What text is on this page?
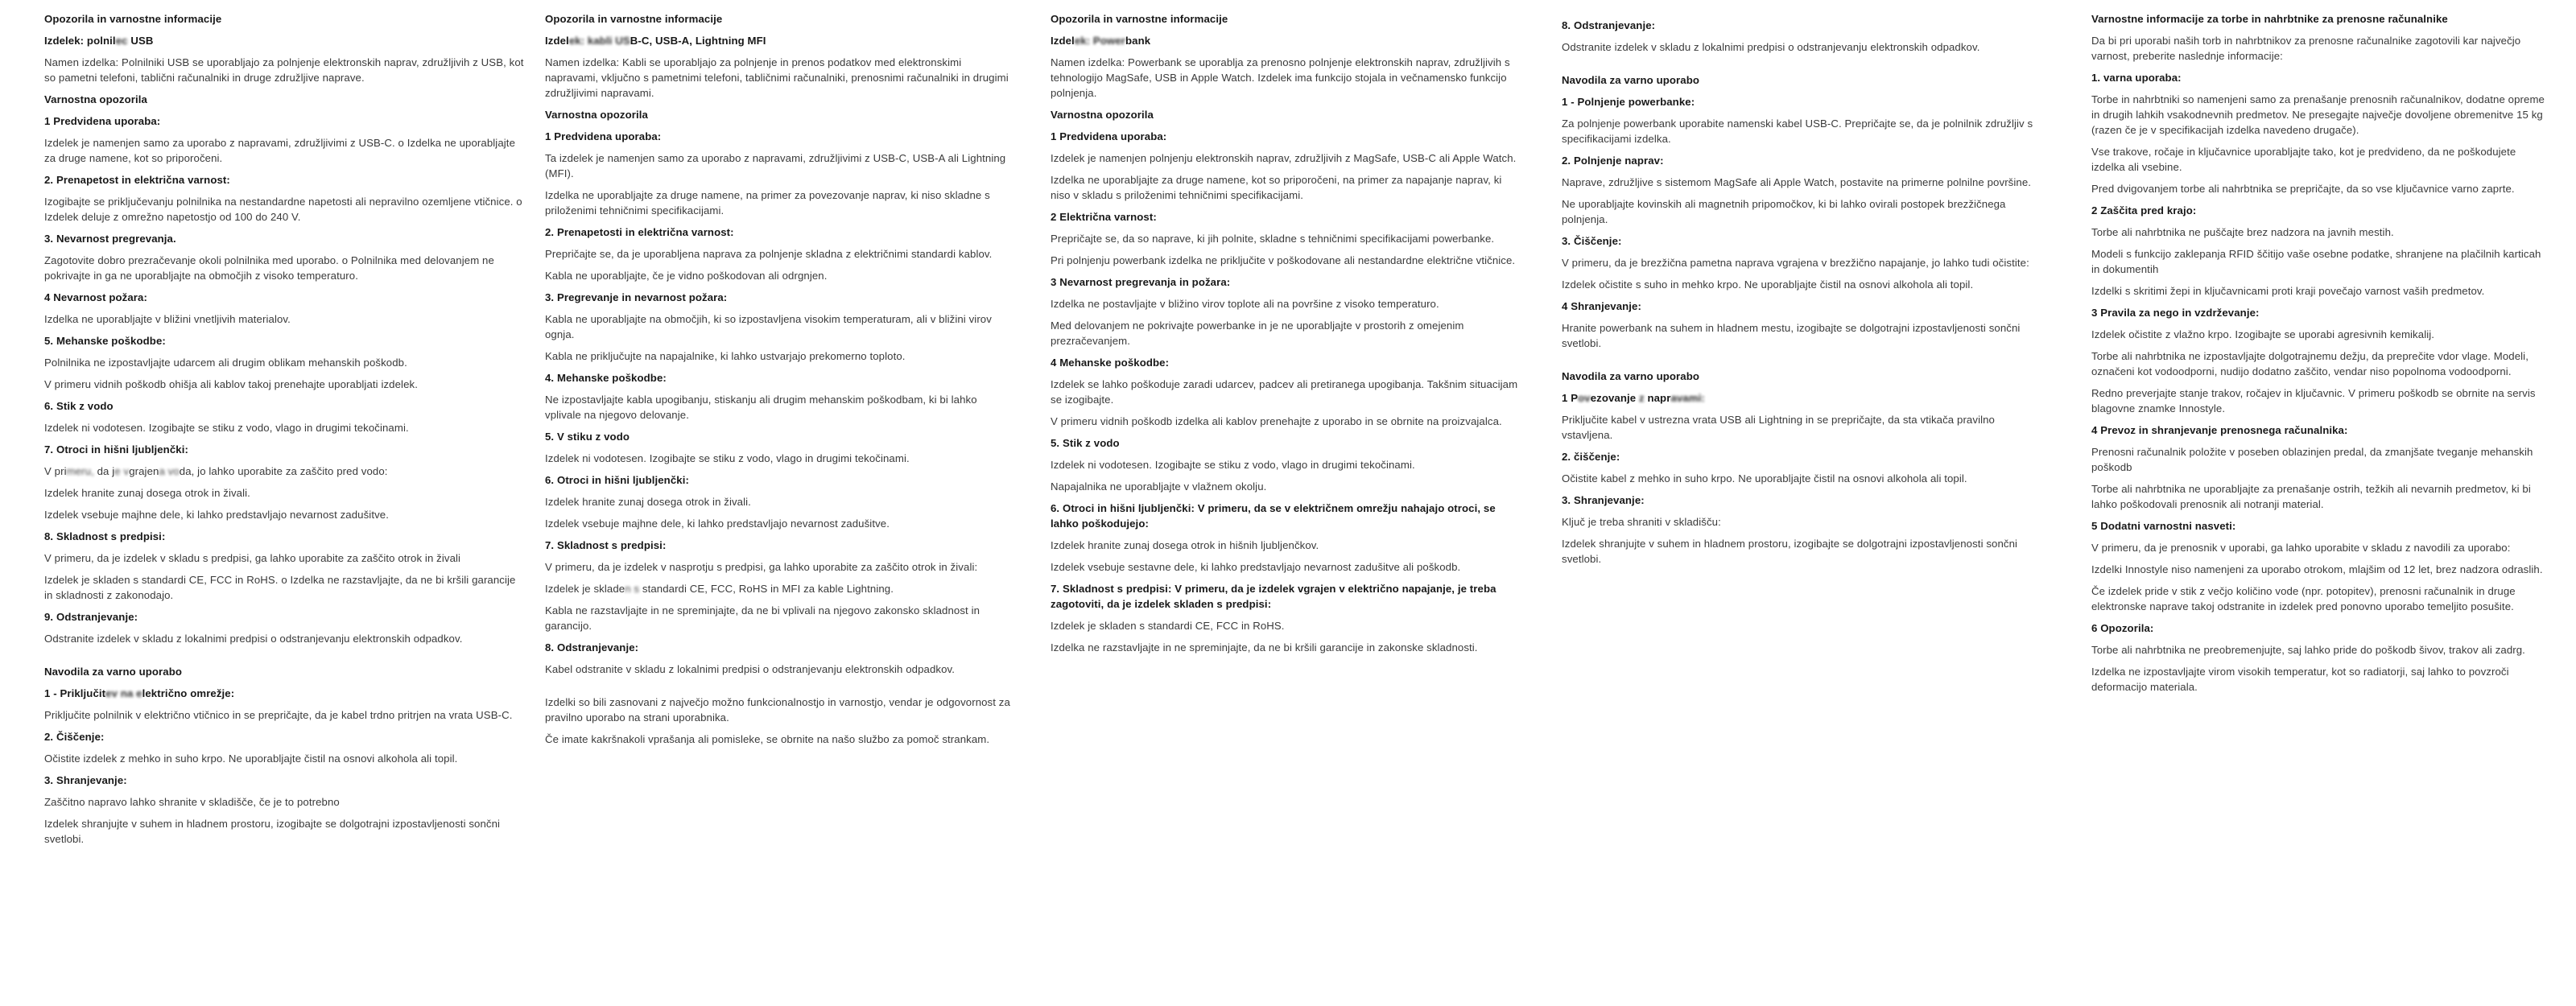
Opozorila in varnostne informacije
Izdelek: polnilec USB
Namen izdelka: Polnilniki USB se uporabljajo za polnjenje elektronskih naprav, združljivih z USB, kot so pametni telefoni, tablični računalniki in druge združljive naprave.
Varnostna opozorila
1 Predvidena uporaba:
Izdelek je namenjen samo za uporabo z napravami, združljivimi z USB-C. o Izdelka ne uporabljajte za druge namene, kot so priporočeni.
2. Prenapetost in električna varnost:
Izogibajte se priključevanju polnilnika na nestandardne napetosti ali nepravilno ozemljene vtičnice. o Izdelek deluje z omrežno napetostjo od 100 do 240 V.
3. Nevarnost pregrevanja.
Zagotovite dobro prezračevanje okoli polnilnika med uporabo. o Polnilnika med delovanjem ne pokrivajte in ga ne uporabljajte na območjih z visoko temperaturo.
4 Nevarnost požara:
Izdelka ne uporabljajte v bližini vnetljivih materialov.
5. Mehanske poškodbe:
Polnilnika ne izpostavljajte udarcem ali drugim oblikam mehanskih poškodb.
V primeru vidnih poškodb ohišja ali kablov takoj prenehajte uporabljati izdelek.
6. Stik z vodo
Izdelek ni vodotesen. Izogibajte se stiku z vodo, vlago in drugimi tekočinami.
7. Otroci in hišni ljubljenčki:
V primeru, da je vgrajena voda, jo lahko uporabite za zaščito pred vodo:
Izdelek hranite zunaj dosega otrok in živali.
Izdelek vsebuje majhne dele, ki lahko predstavljajo nevarnost zadušitve.
8. Skladnost s predpisi:
V primeru, da je izdelek v skladu s predpisi, ga lahko uporabite za zaščito otrok in živali
Izdelek je skladen s standardi CE, FCC in RoHS. o Izdelka ne razstavljajte, da ne bi kršili garancije in skladnosti z zakonodajo.
9. Odstranjevanje:
Odstranite izdelek v skladu z lokalnimi predpisi o odstranjevanju elektronskih odpadkov.
Navodila za varno uporabo
1 - Priključitev na električno omrežje:
Priključite polnilnik v električno vtičnico in se prepričajte, da je kabel trdno pritrjen na vrata USB-C.
2. Čiščenje:
Očistite izdelek z mehko in suho krpo. Ne uporabljajte čistil na osnovi alkohola ali topil.
3. Shranjevanje:
Zaščitno napravo lahko shranite v skladišče, če je to potrebno
Izdelek shranjujte v suhem in hladnem prostoru, izogibajte se dolgotrajni izpostavljenosti sončni svetlobi.
Opozorila in varnostne informacije
Izdelek: kabli USB-C, USB-A, Lightning MFI
Namen izdelka: Kabli se uporabljajo za polnjenje in prenos podatkov med elektronskimi napravami, vključno s pametnimi telefoni, tabličnimi računalniki, prenosnimi računalniki in drugimi združljivimi napravami.
Varnostna opozorila
1 Predvidena uporaba:
Ta izdelek je namenjen samo za uporabo z napravami, združljivimi z USB-C, USB-A ali Lightning (MFI).
Izdelka ne uporabljajte za druge namene, na primer za povezovanje naprav, ki niso skladne s priloženimi tehničnimi specifikacijami.
2. Prenapetosti in električna varnost:
Prepričajte se, da je uporabljena naprava za polnjenje skladna z električnimi standardi kablov.
Kabla ne uporabljajte, če je vidno poškodovan ali odrgnjen.
3. Pregrevanje in nevarnost požara:
Kabla ne uporabljajte na območjih, ki so izpostavljena visokim temperaturam, ali v bližini virov ognja.
Kabla ne priključujte na napajalnike, ki lahko ustvarjajo prekomerno toploto.
4. Mehanske poškodbe:
Ne izpostavljajte kabla upogibanju, stiskanju ali drugim mehanskim poškodbam, ki bi lahko vplivale na njegovo delovanje.
5. V stiku z vodo
Izdelek ni vodotesen. Izogibajte se stiku z vodo, vlago in drugimi tekočinami.
6. Otroci in hišni ljubljenčki:
Izdelek hranite zunaj dosega otrok in živali.
Izdelek vsebuje majhne dele, ki lahko predstavljajo nevarnost zadušitve.
7. Skladnost s predpisi:
V primeru, da je izdelek v nasprotju s predpisi, ga lahko uporabite za zaščito otrok in živali:
Izdelek je skladen s standardi CE, FCC, RoHS in MFI za kable Lightning.
Kabla ne razstavljajte in ne spreminjajte, da ne bi vplivali na njegovo zakonsko skladnost in garancijo.
8. Odstranjevanje:
Kabel odstranite v skladu z lokalnimi predpisi o odstranjevanju elektronskih odpadkov.
Izdelki so bili zasnovani z največjo možno funkcionalnostjo in varnostjo, vendar je odgovornost za pravilno uporabo na strani uporabnika.
Če imate kakršnakoli vprašanja ali pomisleke, se obrnite na našo službo za pomoč strankam.
Opozorila in varnostne informacije
Izdelek: Powerbank
Namen izdelka: Powerbank se uporablja za prenosno polnjenje elektronskih naprav, združljivih s tehnologijo MagSafe, USB in Apple Watch. Izdelek ima funkcijo stojala in večnamensko funkcijo polnjenja.
Varnostna opozorila
1 Predvidena uporaba:
Izdelek je namenjen polnjenju elektronskih naprav, združljivih z MagSafe, USB-C ali Apple Watch.
Izdelka ne uporabljajte za druge namene, kot so priporočeni, na primer za napajanje naprav, ki niso v skladu s priloženimi tehničnimi specifikacijami.
2 Električna varnost:
Prepričajte se, da so naprave, ki jih polnite, skladne s tehničnimi specifikacijami powerbanke.
Pri polnjenju powerbank izdelka ne priključite v poškodovane ali nestandardne električne vtičnice.
3 Nevarnost pregrevanja in požara:
Izdelka ne postavljajte v bližino virov toplote ali na površine z visoko temperaturo.
Med delovanjem ne pokrivajte powerbanke in je ne uporabljajte v prostorih z omejenim prezračevanjem.
4 Mehanske poškodbe:
Izdelek se lahko poškoduje zaradi udarcev, padcev ali pretiranega upogibanja. Takšnim situacijam se izogibajte.
V primeru vidnih poškodb izdelka ali kablov prenehajte z uporabo in se obrnite na proizvajalca.
5. Stik z vodo
Izdelek ni vodotesen. Izogibajte se stiku z vodo, vlago in drugimi tekočinami.
Napajalnika ne uporabljajte v vlažnem okolju.
6. Otroci in hišni ljubljenčki: V primeru, da se v električnem omrežju nahajajo otroci, se lahko poškodujejo:
Izdelek hranite zunaj dosega otrok in hišnih ljubljenčkov.
Izdelek vsebuje sestavne dele, ki lahko predstavljajo nevarnost zadušitve ali poškodb.
7. Skladnost s predpisi: V primeru, da je izdelek vgrajen v električno napajanje, je treba zagotoviti, da je izdelek skladen s predpisi:
Izdelek je skladen s standardi CE, FCC in RoHS.
Izdelka ne razstavljajte in ne spreminjajte, da ne bi kršili garancije in zakonske skladnosti.
8. Odstranjevanje:
Odstranite izdelek v skladu z lokalnimi predpisi o odstranjevanju elektronskih odpadkov.
Navodila za varno uporabo
1 - Polnjenje powerbanke:
Za polnjenje powerbank uporabite namenski kabel USB-C. Prepričajte se, da je polnilnik združljiv s specifikacijami izdelka.
2. Polnjenje naprav:
Naprave, združljive s sistemom MagSafe ali Apple Watch, postavite na primerne polnilne površine.
Ne uporabljajte kovinskih ali magnetnih pripomočkov, ki bi lahko ovirali postopek brezžičnega polnjenja.
3. Čiščenje:
V primeru, da je brezžična pametna naprava vgrajena v brezžično napajanje, jo lahko tudi očistite:
Izdelek očistite s suho in mehko krpo. Ne uporabljajte čistil na osnovi alkohola ali topil.
4 Shranjevanje:
Hranite powerbank na suhem in hladnem mestu, izogibajte se dolgotrajni izpostavljenosti sončni svetlobi.
Navodila za varno uporabo
1 Povezovanje z napravami:
Priključite kabel v ustrezna vrata USB ali Lightning in se prepričajte, da sta vtikača pravilno vstavljena.
2. čiščenje:
Očistite kabel z mehko in suho krpo. Ne uporabljajte čistil na osnovi alkohola ali topil.
3. Shranjevanje:
Ključ je treba shraniti v skladišču:
Izdelek shranjujte v suhem in hladnem prostoru, izogibajte se dolgotrajni izpostavljenosti sončni svetlobi.
Varnostne informacije za torbe in nahrbtnike za prenosne računalnike
Da bi pri uporabi naših torb in nahrbtnikov za prenosne računalnike zagotovili kar največjo varnost, preberite naslednje informacije:
1. varna uporaba:
Torbe in nahrbtniki so namenjeni samo za prenašanje prenosnih računalnikov, dodatne opreme in drugih lahkih vsakodnevnih predmetov. Ne presegajte največje dovoljene obremenitve 15 kg (razen če je v specifikacijah izdelka navedeno drugače).
Vse trakove, ročaje in ključavnice uporabljajte tako, kot je predvideno, da ne poškodujete izdelka ali vsebine.
Pred dvigovanjem torbe ali nahrbtnika se prepričajte, da so vse ključavnice varno zaprte.
2 Zaščita pred krajo:
Torbe ali nahrbtnika ne puščajte brez nadzora na javnih mestih.
Modeli s funkcijo zaklepanja RFID ščitijo vaše osebne podatke, shranjene na plačilnih karticah in dokumentih
Izdelki s skritimi žepi in ključavnicami proti kraji povečajo varnost vaših predmetov.
3 Pravila za nego in vzdrževanje:
Izdelek očistite z vlažno krpo. Izogibajte se uporabi agresivnih kemikalij.
Torbe ali nahrbtnika ne izpostavljajte dolgotrajnemu dežju, da preprečite vdor vlage. Modeli, označeni kot vodoodporni, nudijo dodatno zaščito, vendar niso popolnoma vodoodporni.
Redno preverjajte stanje trakov, ročajev in ključavnic. V primeru poškodb se obrnite na servis blagovne znamke Innostyle.
4 Prevoz in shranjevanje prenosnega računalnika:
Prenosni računalnik položite v poseben oblazinjen predal, da zmanjšate tveganje mehanskih poškodb
Torbe ali nahrbtnika ne uporabljajte za prenašanje ostrih, težkih ali nevarnih predmetov, ki bi lahko poškodovali prenosnik ali notranji material.
5 Dodatni varnostni nasveti:
V primeru, da je prenosnik v uporabi, ga lahko uporabite v skladu z navodili za uporabo:
Izdelki Innostyle niso namenjeni za uporabo otrokom, mlajšim od 12 let, brez nadzora odraslih.
Če izdelek pride v stik z večjo količino vode (npr. potopitev), prenosni računalnik in druge elektronske naprave takoj odstranite in izdelek pred ponovno uporabo temeljito posušite.
6 Opozorila:
Torbe ali nahrbtnika ne preobremenjujte, saj lahko pride do poškodb šivov, trakov ali zadrg.
Izdelka ne izpostavljajte virom visokih temperatur, kot so radiatorji, saj lahko to povzroči deformacijo materiala.
